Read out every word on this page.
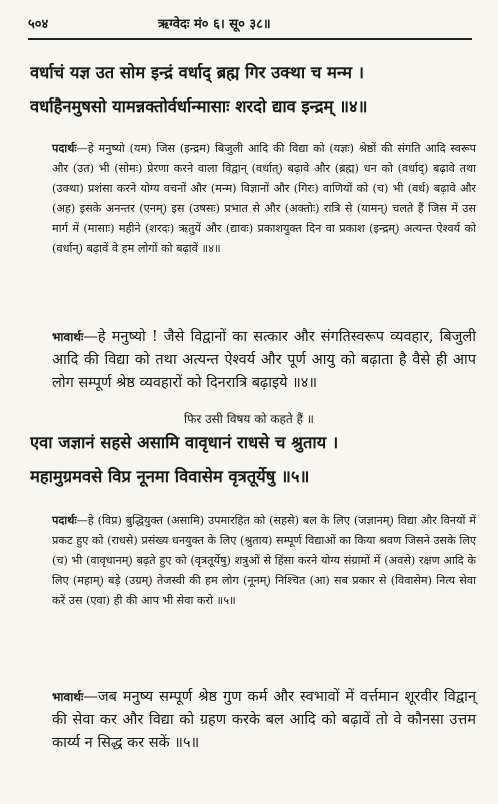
५०४	ऋग्वेदः मं० ६। सू० ३८॥
वर्धाचं यज्ञ उत सोम इन्द्रं वर्धाद् ब्रह्म गिर उक्था च मन्म ।
वर्धाहैनमुषसो यामन्नक्तोर्वर्धान्मासाः शरदो द्याव इन्द्रम् ॥४॥
पदार्थः—हे मनुष्यो (यम) जिस (इन्द्रम) बिजुली आदि की विद्या को (यज्ञः) श्रेष्ठों की संगति आदि स्वरूप और (उत) भी (सोमः) प्रेरणा करने वाला विद्वान् (वर्धात्) बढ़ावे और (ब्रह्म) धन को (वर्धाद्) बढ़ावे तथा (उक्था) प्रशंसा करने योग्य वचनों और (मन्म) विज्ञानों और (गिरः) वाणियों को (च) भी (वर्ध) बढ़ावे और (अह) इसके अनन्तर (एनम्) इस (उषसः) प्रभात से और (अक्तोः) रात्रि से (यामन्) चलते हैं जिस में उस मार्ग में (मासाः) महीने (शरदः) ऋतुयें और (द्यावः) प्रकाशयुक्त दिन वा प्रकाश (इन्द्रम्) अत्यन्त ऐश्वर्य को (वर्धान्) बढ़ावें वे हम लोगों को बढ़ावें ॥४॥
भावार्थः—हे मनुष्यो ! जैसे विद्वानों का सत्कार और संगतिस्वरूप व्यवहार, बिजुली आदि की विद्या को तथा अत्यन्त ऐश्वर्य और पूर्ण आयु को बढ़ाता है वैसे ही आप लोग सम्पूर्ण श्रेष्ठ व्यवहारों को दिनरात्रि बढ़ाइये ॥४॥
फिर उसी विषय को कहते हैं ॥
एवा जज्ञानं सहसे असामि वावृधानं राधसे च श्रुताय ।
महामुग्रमवसे विप्र नूनमा विवासेम वृत्रतूर्येषु ॥५॥
पदार्थः—हे (विप्र) बुद्धियुक्त (असामि) उपमारहित को (सहसे) बल के लिए (जज्ञानम्) विद्या और विनयों में प्रकट हुए को (राधसे) प्रसंख्य धनयुक्त के लिए (श्रुताय) सम्पूर्ण विद्याओं का किया श्रवण जिसने उसके लिए (च) भी (वावृधानम्) बढ़ते हुए को (वृत्रतूर्येषु) शत्रुओं से हिंसा करने योग्य संग्रामों में (अवसे) रक्षण आदि के लिए (महाम्) बड़े (उग्रम्) तेजस्वी की हम लोग (नूनम्) निश्चित (आ) सब प्रकार से (विवासेम) नित्य सेवा करें उस (एवा) ही की आप भी सेवा करो ॥५॥
भावार्थः—जब मनुष्य सम्पूर्ण श्रेष्ठ गुण कर्म और स्वभावों में वर्त्तमान शूरवीर विद्वान् की सेवा कर और विद्या को ग्रहण करके बल आदि को बढ़ावें तो वे कौनसा उत्तम कार्य्य न सिद्ध कर सकें ॥५॥
